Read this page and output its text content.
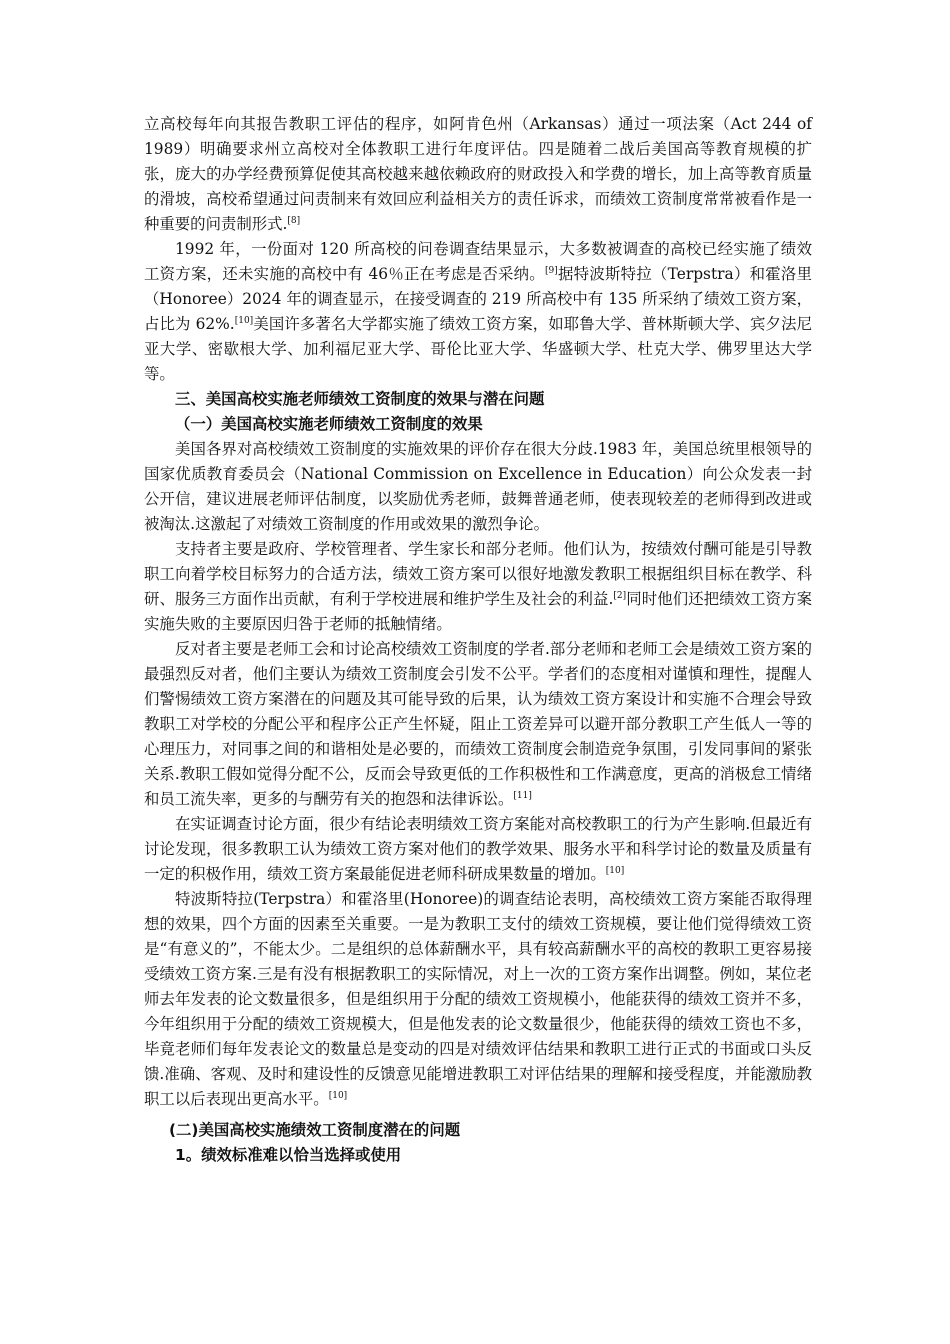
立高校每年向其报告教职工评估的程序，如阿肯色州（Arkansas）通过一项法案（Act 244 of 1989）明确要求州立高校对全体教职工进行年度评估。四是随着二战后美国高等教育规模的扩张，庞大的办学经费预算促使其高校越来越依赖政府的财政投入和学费的增长，加上高等教育质量的滑坡，高校希望通过问责制来有效回应利益相关方的责任诉求，而绩效工资制度常常被看作是一种重要的问责制形式.[8]

1992 年，一份面对 120 所高校的问卷调查结果显示，大多数被调查的高校已经实施了绩效工资方案，还未实施的高校中有 46％正在考虑是否采纳。[9]据特波斯特拉（Terpstra）和霍洛里（Honoree）2024 年的调查显示，在接受调查的 219 所高校中有 135 所采纳了绩效工资方案，占比为 62%.[10]美国许多著名大学都实施了绩效工资方案，如耶鲁大学、普林斯顿大学、宾夕法尼亚大学、密歇根大学、加利福尼亚大学、哥伦比亚大学、华盛顿大学、杜克大学、佛罗里达大学等。

三、美国高校实施老师绩效工资制度的效果与潜在问题

（一）美国高校实施老师绩效工资制度的效果

美国各界对高校绩效工资制度的实施效果的评价存在很大分歧.1983 年，美国总统里根领导的国家优质教育委员会（National Commission on Excellence in Education）向公众发表一封公开信，建议进展老师评估制度，以奖励优秀老师，鼓舞普通老师，使表现较差的老师得到改进或被淘汰.这激起了对绩效工资制度的作用或效果的激烈争论。

支持者主要是政府、学校管理者、学生家长和部分老师。他们认为，按绩效付酬可能是引导教职工向着学校目标努力的合适方法，绩效工资方案可以很好地激发教职工根据组织目标在教学、科研、服务三方面作出贡献，有利于学校进展和维护学生及社会的利益.[2]同时他们还把绩效工资方案实施失败的主要原因归咎于老师的抵触情绪。

反对者主要是老师工会和讨论高校绩效工资制度的学者.部分老师和老师工会是绩效工资方案的最强烈反对者，他们主要认为绩效工资制度会引发不公平。学者们的态度相对谨慎和理性，提醒人们警惕绩效工资方案潜在的问题及其可能导致的后果，认为绩效工资方案设计和实施不合理会导致教职工对学校的分配公平和程序公正产生怀疑，阻止工资差异可以避开部分教职工产生低人一等的心理压力，对同事之间的和谐相处是必要的，而绩效工资制度会制造竞争氛围，引发同事间的紧张关系.教职工假如觉得分配不公，反而会导致更低的工作积极性和工作满意度，更高的消极怠工情绪和员工流失率，更多的与酬劳有关的抱怨和法律诉讼。[11]

在实证调查讨论方面，很少有结论表明绩效工资方案能对高校教职工的行为产生影响.但最近有讨论发现，很多教职工认为绩效工资方案对他们的教学效果、服务水平和科学讨论的数量及质量有一定的积极作用，绩效工资方案最能促进老师科研成果数量的增加。[10]

特波斯特拉(Terpstra）和霍洛里(Honoree)的调查结论表明，高校绩效工资方案能否取得理想的效果，四个方面的因素至关重要。一是为教职工支付的绩效工资规模，要让他们觉得绩效工资是“有意义的”，不能太少。二是组织的总体薪酬水平，具有较高薪酬水平的高校的教职工更容易接受绩效工资方案.三是有没有根据教职工的实际情况，对上一次的工资方案作出调整。例如，某位老师去年发表的论文数量很多，但是组织用于分配的绩效工资规模小，他能获得的绩效工资并不多，今年组织用于分配的绩效工资规模大，但是他发表的论文数量很少，他能获得的绩效工资也不多，毕竟老师们每年发表论文的数量总是变动的四是对绩效评估结果和教职工进行正式的书面或口头反馈.准确、客观、及时和建设性的反馈意见能增进教职工对评估结果的理解和接受程度，并能激励教职工以后表现出更高水平。[10]

(二)美国高校实施绩效工资制度潜在的问题

1。绩效标准难以恰当选择或使用
